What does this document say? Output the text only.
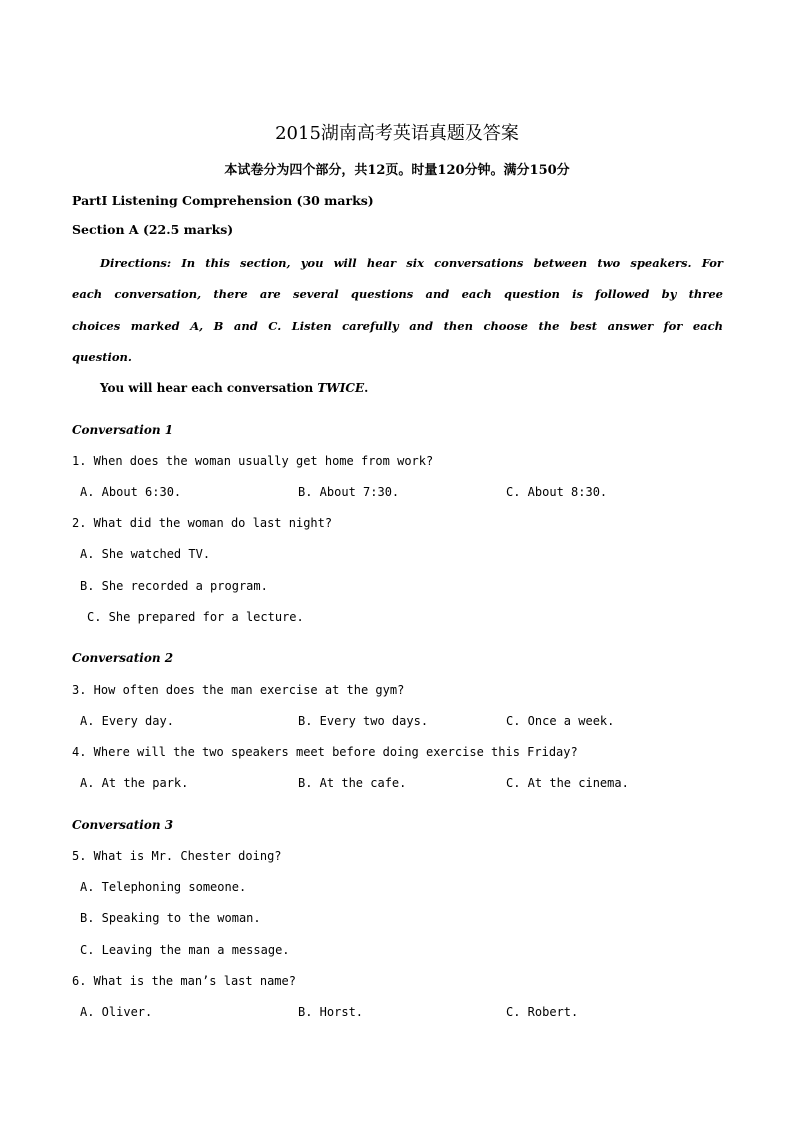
2015湖南高考英语真题及答案
本试卷分为四个部分，共12页。时量120分钟。满分150分
PartⅠ Listening Comprehension (30 marks)
Section A (22.5 marks)
Directions: In this section, you will hear six conversations between two speakers. For
each conversation, there are several questions and each question is followed by three
choices marked A, B and C. Listen carefully and then choose the best answer for each
question.
You will hear each conversation TWICE.
Conversation 1
1. When does the woman usually get home from work?
A. About 6:30.	B. About 7:30.	C. About 8:30.
2. What did the woman do last night?
A. She watched TV.
B. She recorded a program.
C. She prepared for a lecture.
Conversation 2
3. How often does the man exercise at the gym?
A. Every day.	B. Every two days.	C. Once a week.
4. Where will the two speakers meet before doing exercise this Friday?
A. At the park.	B. At the cafe.	C. At the cinema.
Conversation 3
5. What is Mr. Chester doing?
A. Telephoning someone.
B. Speaking to the woman.
C. Leaving the man a message.
6. What is the man’s last name?
A. Oliver.	B. Horst.	C. Robert.
